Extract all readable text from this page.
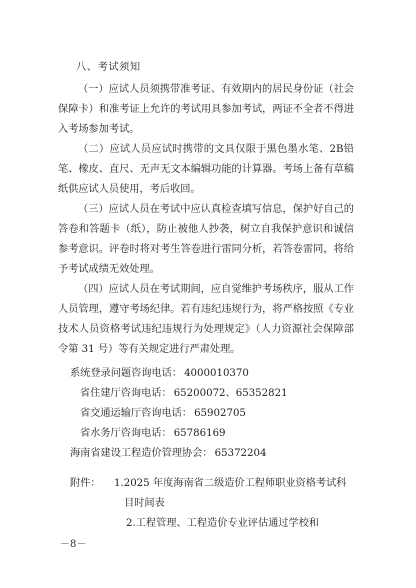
八、考试须知

（一）应试人员须携带准考证、有效期内的居民身份证（社会保障卡）和准考证上允许的考试用具参加考试，两证不全者不得进入考场参加考试。

（二）应试人员应试时携带的文具仅限于黑色墨水笔、2B铅笔、橡皮、直尺、无声无文本编辑功能的计算器。考场上备有草稿纸供应试人员使用，考后收回。

（三）应试人员在考试中应认真检查填写信息，保护好自己的答卷和答题卡（纸），防止被他人抄袭，树立自我保护意识和诚信参考意识。评卷时将对考生答卷进行雷同分析，若答卷雷同，将给予考试成绩无效处理。

（四）应试人员在考试期间，应自觉维护考场秩序，服从工作人员管理，遵守考场纪律。若有违纪违规行为，将严格按照《专业技术人员资格考试违纪违规行为处理规定》（人力资源社会保障部令第 31 号）等有关规定进行严肃处理。

系统登录问题咨询电话： 4000010370
省住建厅咨询电话： 65200072、65352821
省交通运输厅咨询电话： 65902705
省水务厅咨询电话： 65786169
海南省建设工程造价管理协会： 65372204
附件：	1.2025 年度海南省二级造价工程师职业资格考试科
目时间表
2.工程管理、工程造价专业评估通过学校和
－8－
